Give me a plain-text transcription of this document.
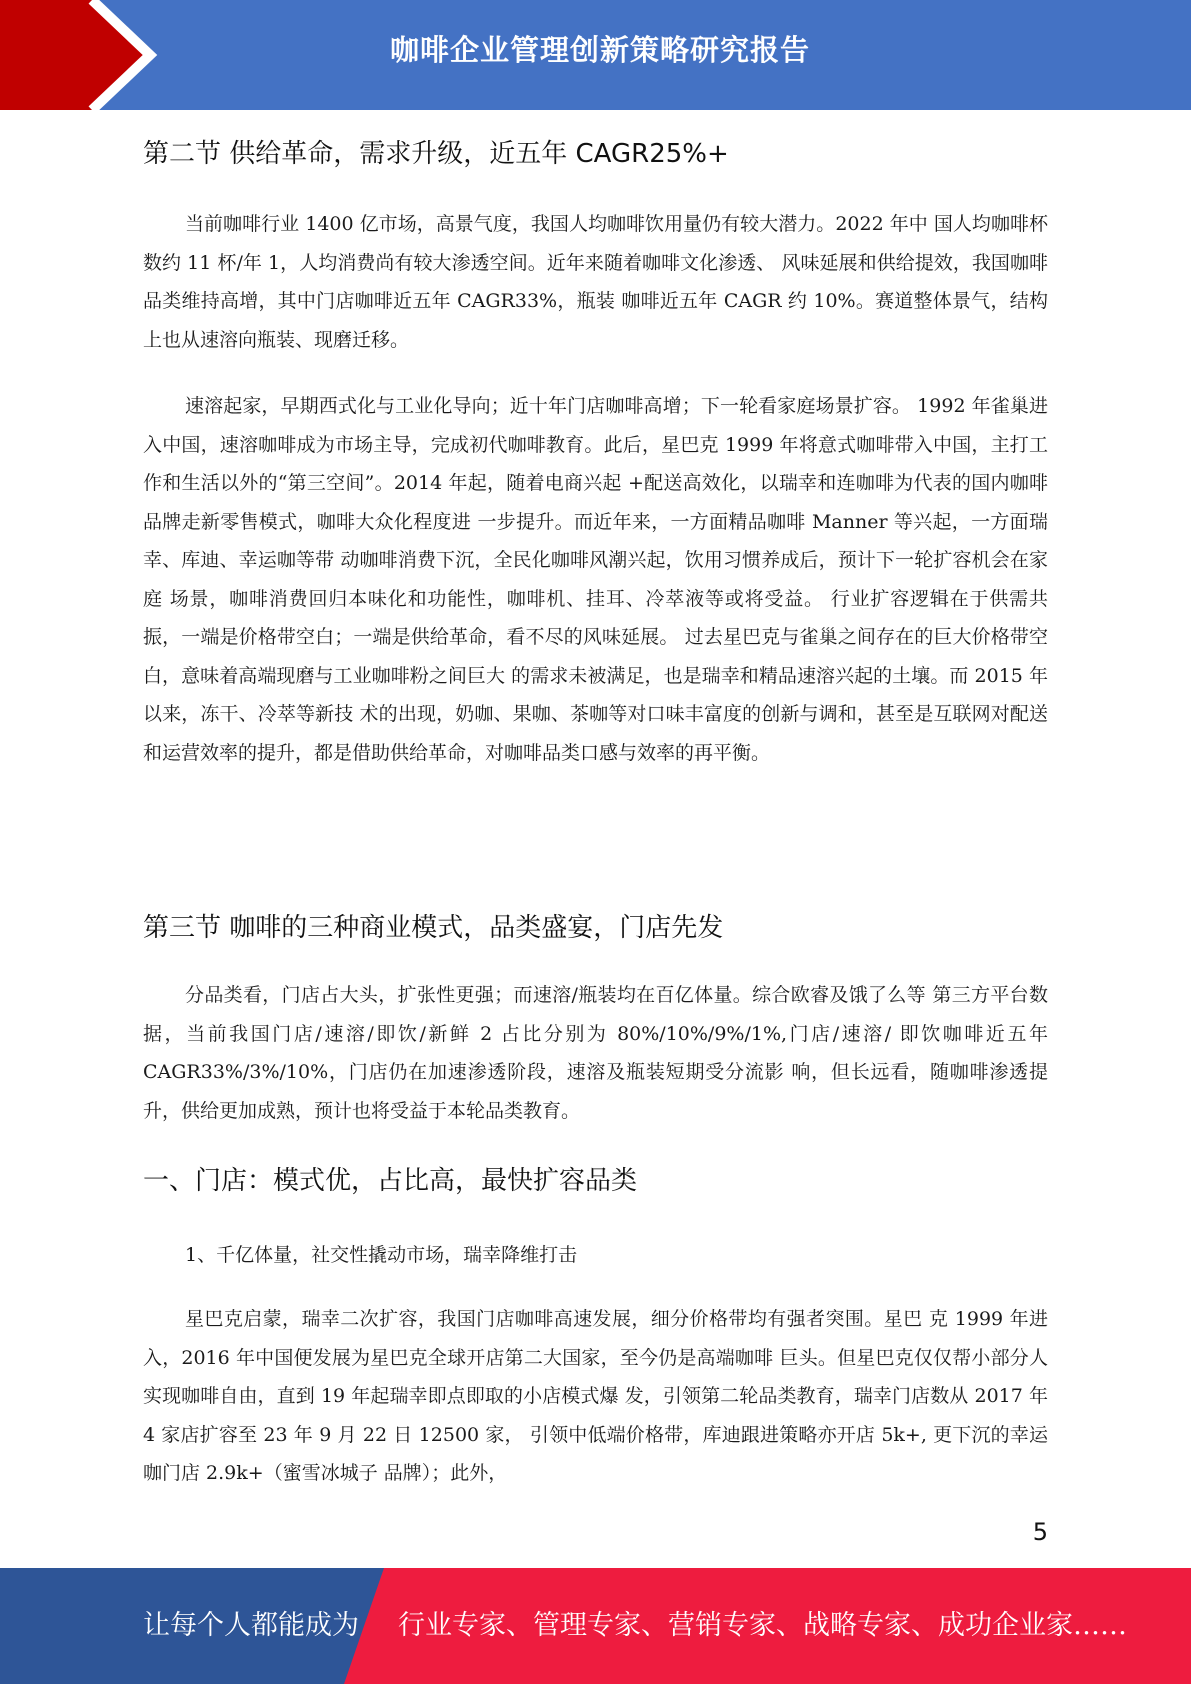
咖啡企业管理创新策略研究报告
第二节 供给革命，需求升级，近五年 CAGR25%+

当前咖啡行业 1400 亿市场，高景气度，我国人均咖啡饮用量仍有较大潜力。2022 年中 国人均咖啡杯数约 11 杯/年 1，人均消费尚有较大渗透空间。近年来随着咖啡文化渗透、 风味延展和供给提效，我国咖啡品类维持高增，其中门店咖啡近五年 CAGR33%，瓶装 咖啡近五年 CAGR 约 10%。赛道整体景气，结构上也从速溶向瓶装、现磨迁移。

速溶起家，早期西式化与工业化导向；近十年门店咖啡高增；下一轮看家庭场景扩容。 1992 年雀巢进入中国，速溶咖啡成为市场主导，完成初代咖啡教育。此后，星巴克 1999 年将意式咖啡带入中国，主打工作和生活以外的“第三空间”。2014 年起，随着电商兴起 +配送高效化，以瑞幸和连咖啡为代表的国内咖啡品牌走新零售模式，咖啡大众化程度进 一步提升。而近年来，一方面精品咖啡 Manner 等兴起，一方面瑞幸、库迪、幸运咖等带 动咖啡消费下沉，全民化咖啡风潮兴起，饮用习惯养成后，预计下一轮扩容机会在家庭 场景，咖啡消费回归本味化和功能性，咖啡机、挂耳、冷萃液等或将受益。 行业扩容逻辑在于供需共振，一端是价格带空白；一端是供给革命，看不尽的风味延展。 过去星巴克与雀巢之间存在的巨大价格带空白，意味着高端现磨与工业咖啡粉之间巨大 的需求未被满足，也是瑞幸和精品速溶兴起的土壤。而 2015 年以来，冻干、冷萃等新技 术的出现，奶咖、果咖、茶咖等对口味丰富度的创新与调和，甚至是互联网对配送和运营效率的提升，都是借助供给革命，对咖啡品类口感与效率的再平衡。

第三节 咖啡的三种商业模式，品类盛宴，门店先发

分品类看，门店占大头，扩张性更强；而速溶/瓶装均在百亿体量。综合欧睿及饿了么等 第三方平台数据，当前我国门店/速溶/即饮/新鲜 2 占比分别为 80%/10%/9%/1%,门店/速溶/ 即饮咖啡近五年 CAGR33%/3%/10%，门店仍在加速渗透阶段，速溶及瓶装短期受分流影 响，但长远看，随咖啡渗透提升，供给更加成熟，预计也将受益于本轮品类教育。

一、门店：模式优，占比高，最快扩容品类

1、千亿体量，社交性撬动市场，瑞幸降维打击

星巴克启蒙，瑞幸二次扩容，我国门店咖啡高速发展，细分价格带均有强者突围。星巴 克 1999 年进入，2016 年中国便发展为星巴克全球开店第二大国家，至今仍是高端咖啡 巨头。但星巴克仅仅帮小部分人实现咖啡自由，直到 19 年起瑞幸即点即取的小店模式爆 发，引领第二轮品类教育，瑞幸门店数从 2017 年 4 家店扩容至 23 年 9 月 22 日 12500 家， 引领中低端价格带，库迪跟进策略亦开店 5k+, 更下沉的幸运咖门店 2.9k+（蜜雪冰城子 品牌）；此外，

5
让每个人都能成为 行业专家、管理专家、营销专家、战略专家、成功企业家……
